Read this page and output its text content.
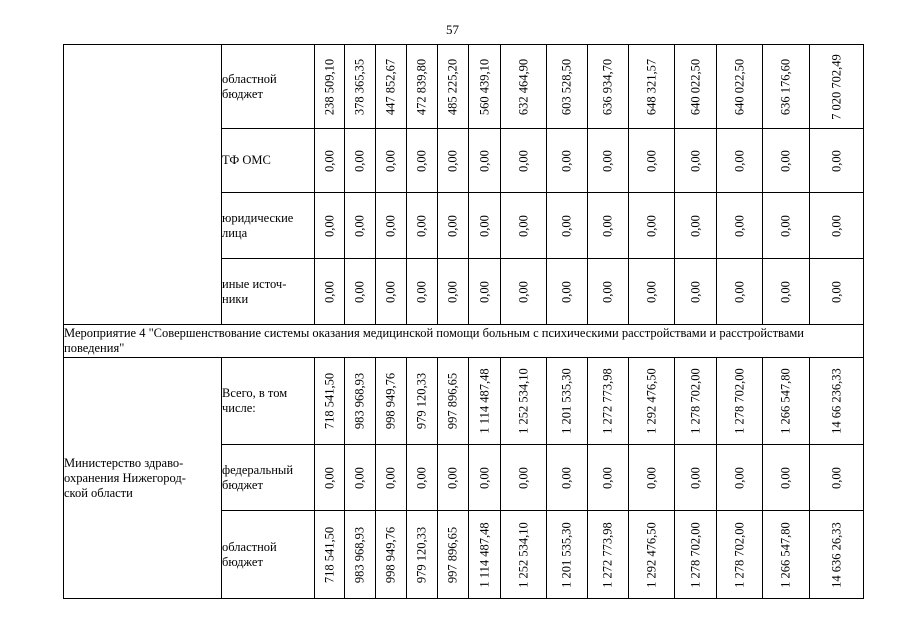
57
	областной
бюджет	238 509,10	378 365,35	447 852,67	472 839,80	485 225,20	560 439,10	632 464,90	603 528,50	636 934,70	648 321,57	640 022,50	640 022,50	636 176,60	7 020 702,49

	ТФ ОМС	0,00	0,00	0,00	0,00	0,00	0,00	0,00	0,00	0,00	0,00	0,00	0,00	0,00	0,00

	юридические
лица	0,00	0,00	0,00	0,00	0,00	0,00	0,00	0,00	0,00	0,00	0,00	0,00	0,00	0,00

	иные источ-
ники	0,00	0,00	0,00	0,00	0,00	0,00	0,00	0,00	0,00	0,00	0,00	0,00	0,00	0,00

Мероприятие 4 "Совершенствование системы оказания медицинской помощи больным с психическими расстройствами и расстройствами поведения"															
Министерство здраво-
охранения Нижегород-
ской области	Всего, в том
числе:	718 541,50	983 968,93	998 949,76	979 120,33	997 896,65	1 114 487,48	1 252 534,10	1 201 535,30	1 272 773,98	1 292 476,50	1 278 702,00	1 278 702,00	1 266 547,80	14 66 236,33

	федеральный
бюджет	0,00	0,00	0,00	0,00	0,00	0,00	0,00	0,00	0,00	0,00	0,00	0,00	0,00	0,00

	областной
бюджет	718 541,50	983 968,93	998 949,76	979 120,33	997 896,65	1 114 487,48	1 252 534,10	1 201 535,30	1 272 773,98	1 292 476,50	1 278 702,00	1 278 702,00	1 266 547,80	14 636 26,33
